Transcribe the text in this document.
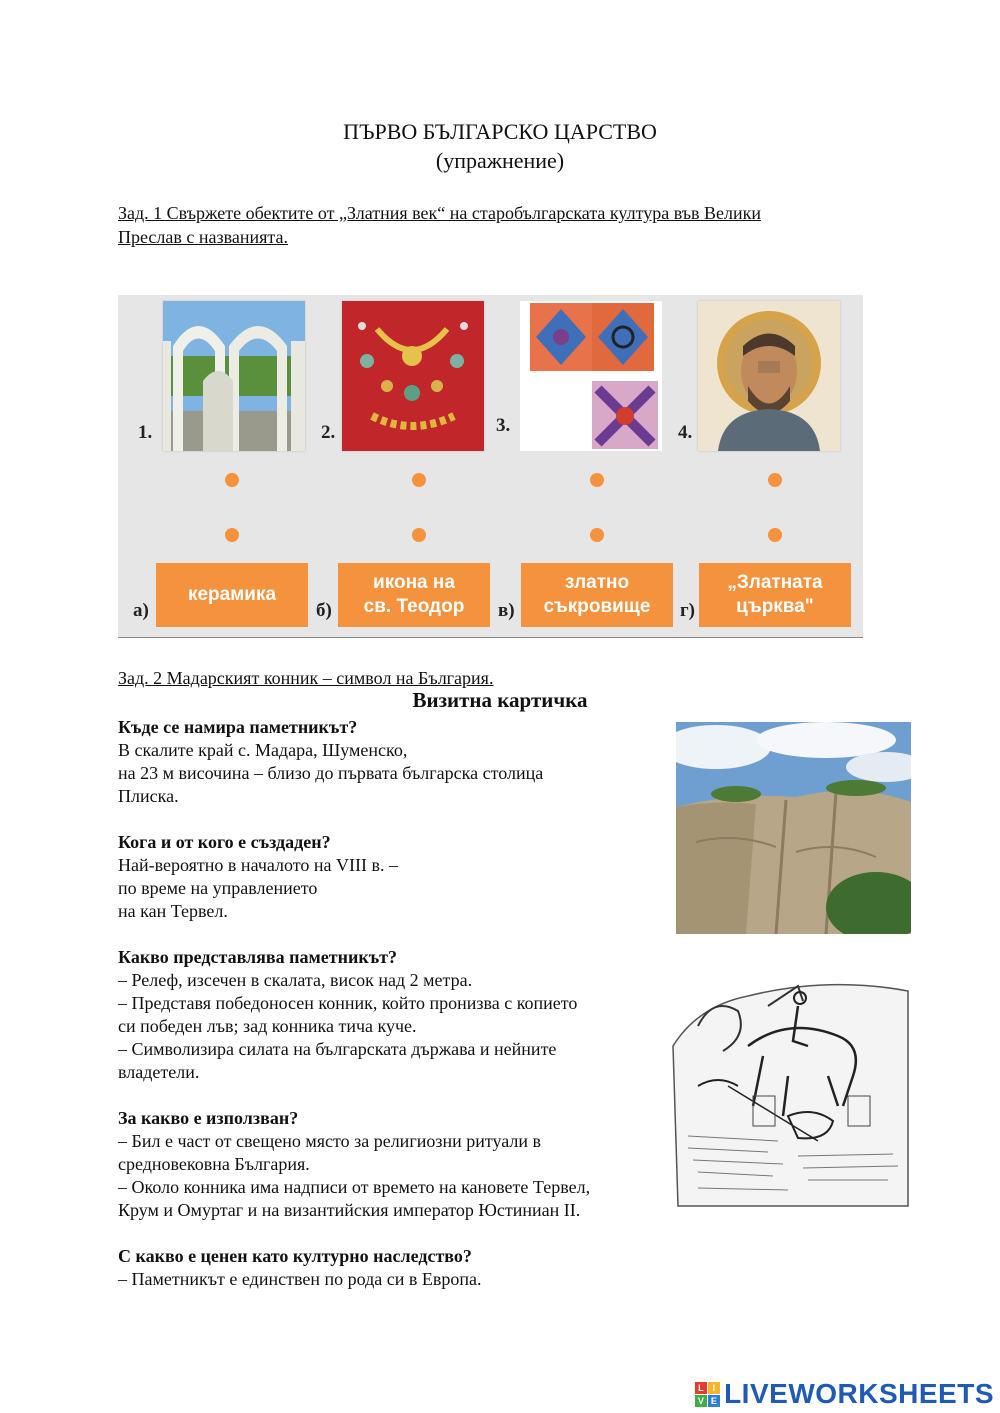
ПЪРВО БЪЛГАРСКО ЦАРСТВО
(упражнение)
Зад. 1 Свържете обектите от „Златния век“ на старобългарската култура във Велики
Преслав с названията.
1.	2.	3.	4.
а)
керамика
б)
икона на
св. Теодор в)
златно
съкровище г)
„Златната
църква"
Зад. 2 Мадарският конник – символ на България.
Визитна картичка
Къде се намира паметникът?
В скалите край с. Мадара, Шуменско,
на 23 м височина – близо до първата българска столица
Плиска.
Кога и от кого е създаден?
Най-вероятно в началото на VIII в. –
по време на управлението
на кан Тервел.
Какво представлява паметникът?
– Релеф, изсечен в скалата, висок над 2 метра.
– Представя победоносен конник, който пронизва с копието
си победен лъв; зад конника тича куче.
– Символизира силата на българската държава и нейните
владетели.
За какво е използван?
– Бил е част от свещено място за религиозни ритуали в
средновековна България.
– Около конника има надписи от времето на кановете Тервел,
Крум и Омуртаг и на византийския император Юстиниан II.
С какво е ценен като културно наследство?
– Паметникът е единствен по рода си в Европа.
L I
V E LIVEWORKSHEETS
